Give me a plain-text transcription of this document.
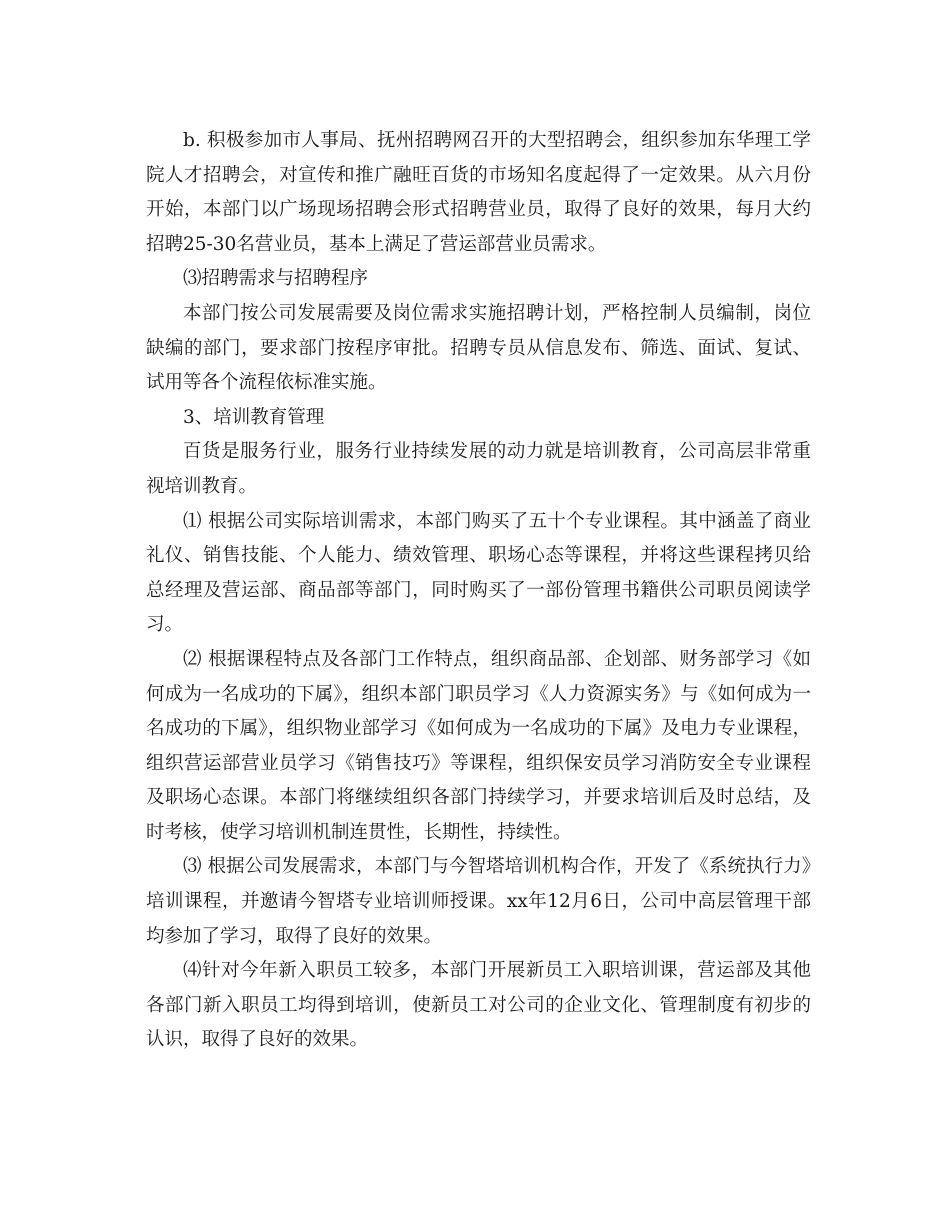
b. 积极参加市人事局、抚州招聘网召开的大型招聘会，组织参加东华理工学院人才招聘会，对宣传和推广融旺百货的市场知名度起得了一定效果。从六月份开始，本部门以广场现场招聘会形式招聘营业员，取得了良好的效果，每月大约招聘25-30名营业员，基本上满足了营运部营业员需求。

⑶招聘需求与招聘程序

本部门按公司发展需要及岗位需求实施招聘计划，严格控制人员编制，岗位缺编的部门，要求部门按程序审批。招聘专员从信息发布、筛选、面试、复试、试用等各个流程依标准实施。

3、培训教育管理

百货是服务行业，服务行业持续发展的动力就是培训教育，公司高层非常重视培训教育。

⑴ 根据公司实际培训需求，本部门购买了五十个专业课程。其中涵盖了商业礼仪、销售技能、个人能力、绩效管理、职场心态等课程，并将这些课程拷贝给总经理及营运部、商品部等部门，同时购买了一部份管理书籍供公司职员阅读学习。

⑵ 根据课程特点及各部门工作特点，组织商品部、企划部、财务部学习《如何成为一名成功的下属》，组织本部门职员学习《人力资源实务》与《如何成为一名成功的下属》，组织物业部学习《如何成为一名成功的下属》及电力专业课程，组织营运部营业员学习《销售技巧》等课程，组织保安员学习消防安全专业课程及职场心态课。本部门将继续组织各部门持续学习，并要求培训后及时总结，及时考核，使学习培训机制连贯性，长期性，持续性。

⑶ 根据公司发展需求，本部门与今智塔培训机构合作，开发了《系统执行力》培训课程，并邀请今智塔专业培训师授课。xx年12月6日，公司中高层管理干部均参加了学习，取得了良好的效果。

⑷针对今年新入职员工较多，本部门开展新员工入职培训课，营运部及其他各部门新入职员工均得到培训，使新员工对公司的企业文化、管理制度有初步的认识，取得了良好的效果。
